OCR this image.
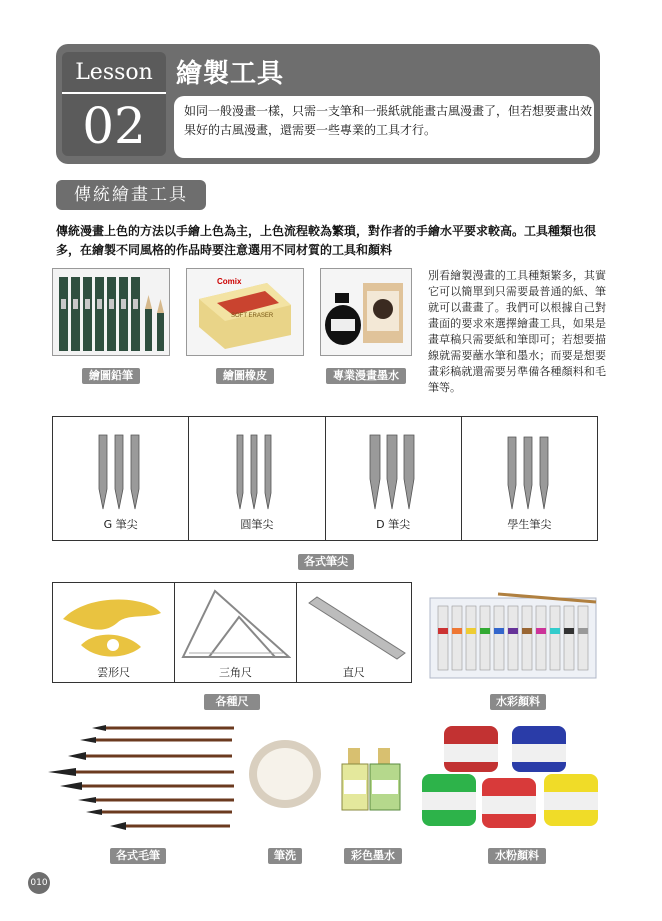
Lesson
02
繪製工具
如同一般漫畫一樣，只需一支筆和一張紙就能畫古風漫畫了，但若想要畫出效果好的古風漫畫，還需要一些專業的工具才行。
傳統繪畫工具
傳統漫畫上色的方法以手繪上色為主，上色流程較為繁瑣，對作者的手繪水平要求較高。工具種類也很多，在繪製不同風格的作品時要注意選用不同材質的工具和顏料
繪圖鉛筆
Comix
SOFT ERASER
繪圖橡皮	專業漫畫墨水
別看繪製漫畫的工具種類繁多，其實它可以簡單到只需要最普通的紙、筆就可以畫畫了。我們可以根據自己對畫面的要求來選擇繪畫工具，如果是畫草稿只需要紙和筆即可；若想要描線就需要蘸水筆和墨水；而要是想要畫彩稿就還需要另準備各種顏料和毛筆等。
G 筆尖	圓筆尖	D 筆尖	學生筆尖
各式筆尖
雲形尺	三角尺	直尺
各種尺	水彩顏料
各式毛筆	筆洗	彩色墨水	水粉顏料
010
